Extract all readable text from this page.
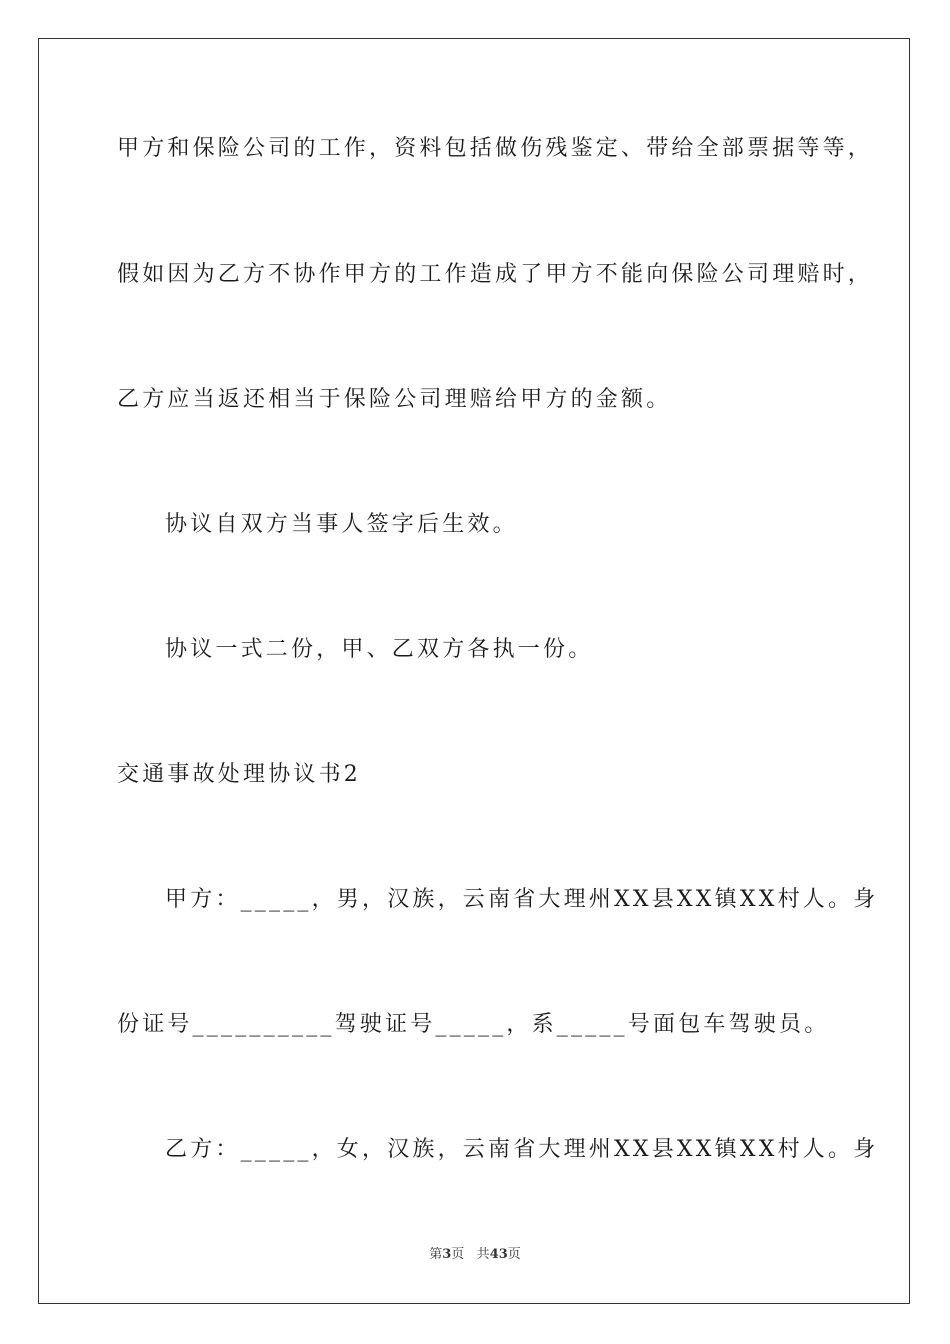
甲方和保险公司的工作，资料包括做伤残鉴定、带给全部票据等等，
假如因为乙方不协作甲方的工作造成了甲方不能向保险公司理赔时，
乙方应当返还相当于保险公司理赔给甲方的金额。
协议自双方当事人签字后生效。
协议一式二份，甲、乙双方各执一份。
交通事故处理协议书2
甲方：_____，男，汉族，云南省大理州XX县XX镇XX村人。身
份证号__________驾驶证号_____，系_____号面包车驾驶员。
乙方：_____，女，汉族，云南省大理州XX县XX镇XX村人。身
第3页 共43页
